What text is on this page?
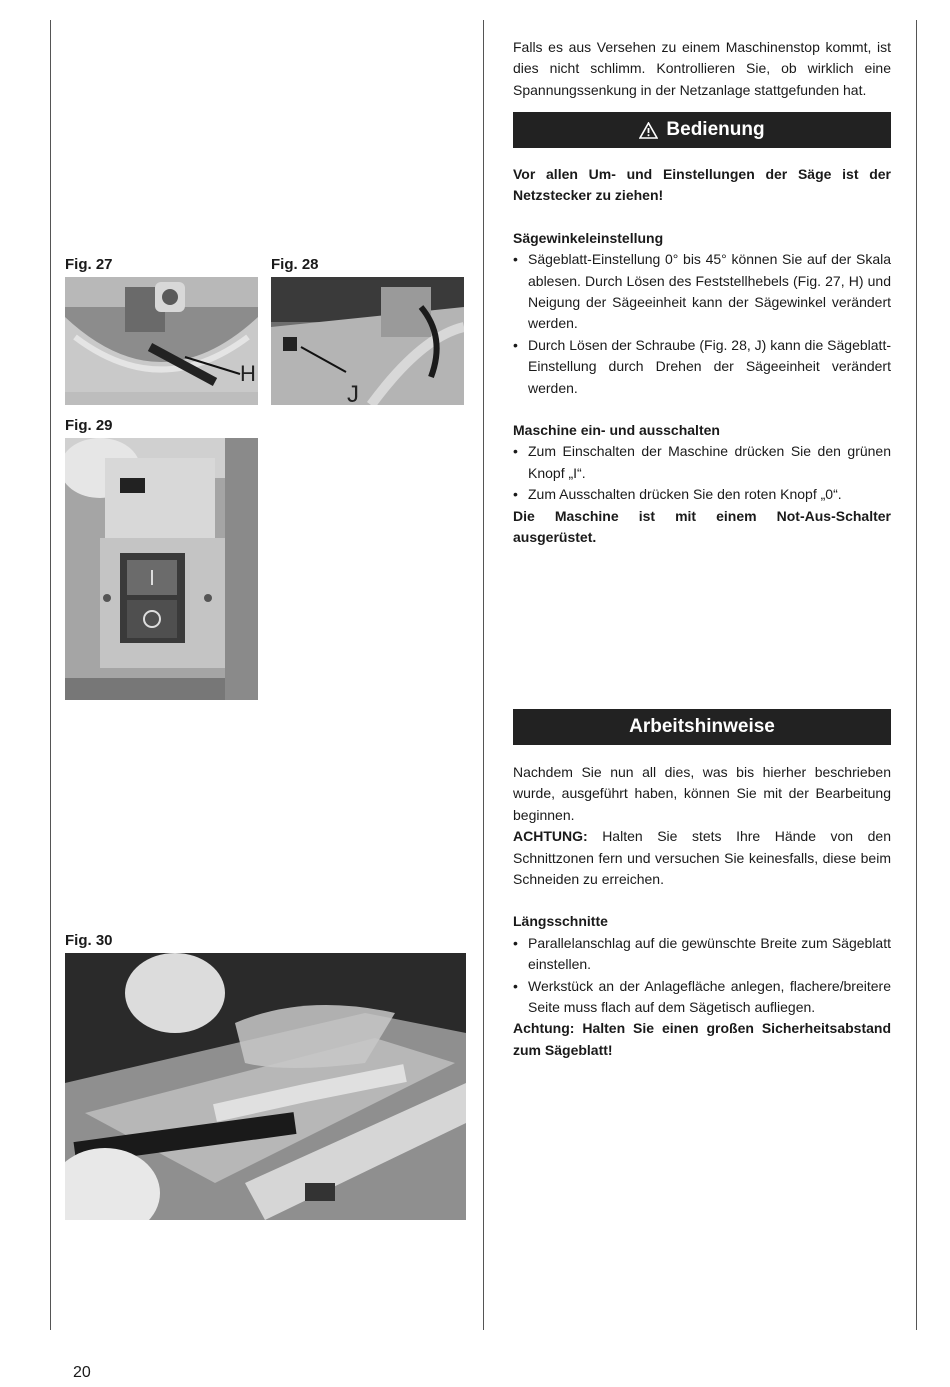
Fig. 27	Fig. 28
Fig. 29
Fig. 30
H
J

Falls es aus Versehen zu einem Maschinenstop kommt, ist dies nicht schlimm. Kontrollieren Sie, ob wirklich eine Spannungssenkung in der Netzanlage stattgefunden hat.

Bedienung

Vor allen Um- und Einstellungen der Säge ist der Netzstecker zu ziehen!

Sägewinkeleinstellung

• Sägeblatt-Einstellung 0° bis 45° können Sie auf der Skala ablesen. Durch Lösen des Feststellhebels (Fig. 27, H) und Neigung der Sägeeinheit kann der Sägewinkel verändert werden.
• Durch Lösen der Schraube (Fig. 28, J) kann die Sägeblatt-Einstellung durch Drehen der Sägeeinheit verändert werden.

Maschine ein- und ausschalten

• Zum Einschalten der Maschine drücken Sie den grünen Knopf „I“.
• Zum Ausschalten drücken Sie den roten Knopf „0“.

Die Maschine ist mit einem Not-Aus-Schalter ausgerüstet.

Arbeitshinweise

Nachdem Sie nun all dies, was bis hierher beschrieben wurde, ausgeführt haben, können Sie mit der Bearbeitung beginnen.

ACHTUNG: Halten Sie stets Ihre Hände von den Schnittzonen fern und versuchen Sie keinesfalls, diese beim Schneiden zu erreichen.

Längsschnitte

• Parallelanschlag auf die gewünschte Breite zum Sägeblatt einstellen.
• Werkstück an der Anlagefläche anlegen, flachere/breitere Seite muss flach auf dem Sägetisch aufliegen.

Achtung: Halten Sie einen großen Sicherheitsabstand zum Sägeblatt!

20
